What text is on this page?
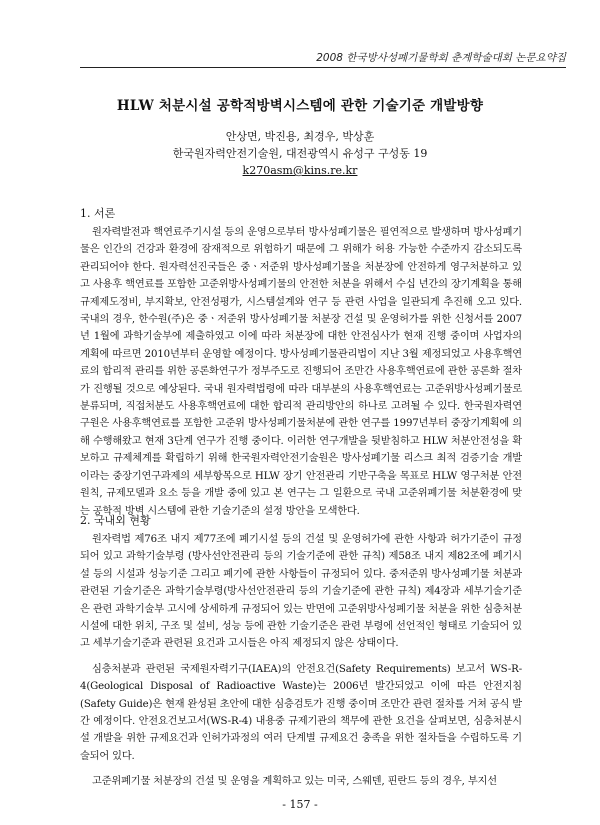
2008 한국방사성폐기물학회 춘계학술대회 논문요약집
HLW 처분시설 공학적방벽시스템에 관한 기술기준 개발방향
안상면, 박진용, 최경우, 박상훈
한국원자력안전기술원, 대전광역시 유성구 구성동 19
k270asm@kins.re.kr
1. 서론

원자력발전과 핵연료주기시설 등의 운영으로부터 방사성폐기물은 필연적으로 발생하며 방사성폐기물은 인간의 건강과 환경에 잠재적으로 위험하기 때문에 그 위해가 허용 가능한 수준까지 감소되도록 관리되어야 한다. 원자력선진국들은 중ㆍ저준위 방사성폐기물을 처분장에 안전하게 영구처분하고 있고 사용후 핵연료를 포함한 고준위방사성폐기물의 안전한 처분을 위해서 수십 년간의 장기계획을 통해 규제제도정비, 부지확보, 안전성평가, 시스템설계와 연구 등 관련 사업을 일관되게 추진해 오고 있다. 국내의 경우, 한수원(주)은 중ㆍ저준위 방사성폐기물 처분장 건설 및 운영허가를 위한 신청서를 2007년 1월에 과학기술부에 제출하였고 이에 따라 처분장에 대한 안전심사가 현재 진행 중이며 사업자의 계획에 따르면 2010년부터 운영할 예정이다. 방사성폐기물관리법이 지난 3월 제정되었고 사용후핵연료의 합리적 관리를 위한 공론화연구가 정부주도로 진행되어 조만간 사용후핵연료에 관한 공론화 절차가 진행될 것으로 예상된다. 국내 원자력법령에 따라 대부분의 사용후핵연료는 고준위방사성폐기물로 분류되며, 직접처분도 사용후핵연료에 대한 합리적 관리방안의 하나로 고려될 수 있다. 한국원자력연구원은 사용후핵연료를 포함한 고준위 방사성폐기물처분에 관한 연구를 1997년부터 중장기계획에 의해 수행해왔고 현재 3단계 연구가 진행 중이다. 이러한 연구개발을 뒷받침하고 HLW 처분안전성을 확보하고 규제체계를 확립하기 위해 한국원자력안전기술원은 방사성폐기물 리스크 최적 검증기술 개발이라는 중장기연구과제의 세부항목으로 HLW 장기 안전관리 기반구축을 목표로 HLW 영구처분 안전원칙, 규제모델과 요소 등을 개발 중에 있고 본 연구는 그 일환으로 국내 고준위폐기물 처분환경에 맞는 공학적 방벽 시스템에 관한 기술기준의 설정 방안을 모색한다.

2. 국내외 현황

원자력법 제76조 내지 제77조에 폐기시설 등의 건설 및 운영허가에 관한 사항과 허가기준이 규정되어 있고 과학기술부령 (방사선안전관리 등의 기술기준에 관한 규칙) 제58조 내지 제82조에 폐기시설 등의 시설과 성능기준 그리고 폐기에 관한 사항들이 규정되어 있다. 중저준위 방사성폐기물 처분과 관련된 기술기준은 과학기술부령(방사선안전관리 등의 기술기준에 관한 규칙) 제4장과 세부기술기준은 관련 과학기술부 고시에 상세하게 규정되어 있는 반면에 고준위방사성폐기물 처분을 위한 심층처분시설에 대한 위치, 구조 및 설비, 성능 등에 관한 기술기준은 관련 부령에 선언적인 형태로 기술되어 있고 세부기술기준과 관련된 요건과 고시들은 아직 제정되지 않은 상태이다.

심층처분과 관련된 국제원자력기구(IAEA)의 안전요건(Safety Requirements) 보고서 WS-R-4(Geological Disposal of Radioactive Waste)는 2006년 발간되었고 이에 따른 안전지침(Safety Guide)은 현재 완성된 초안에 대한 심층검토가 진행 중이며 조만간 관련 절차를 거쳐 공식 발간 예정이다. 안전요건보고서(WS-R-4) 내용중 규제기관의 책무에 관한 요건을 살펴보면, 심층처분시설 개발을 위한 규제요건과 인허가과정의 여러 단계별 규제요건 충족을 위한 절차들을 수립하도록 기술되어 있다.

고준위폐기물 처분장의 건설 및 운영을 계획하고 있는 미국, 스웨덴, 핀란드 등의 경우, 부지선

- 157 -
